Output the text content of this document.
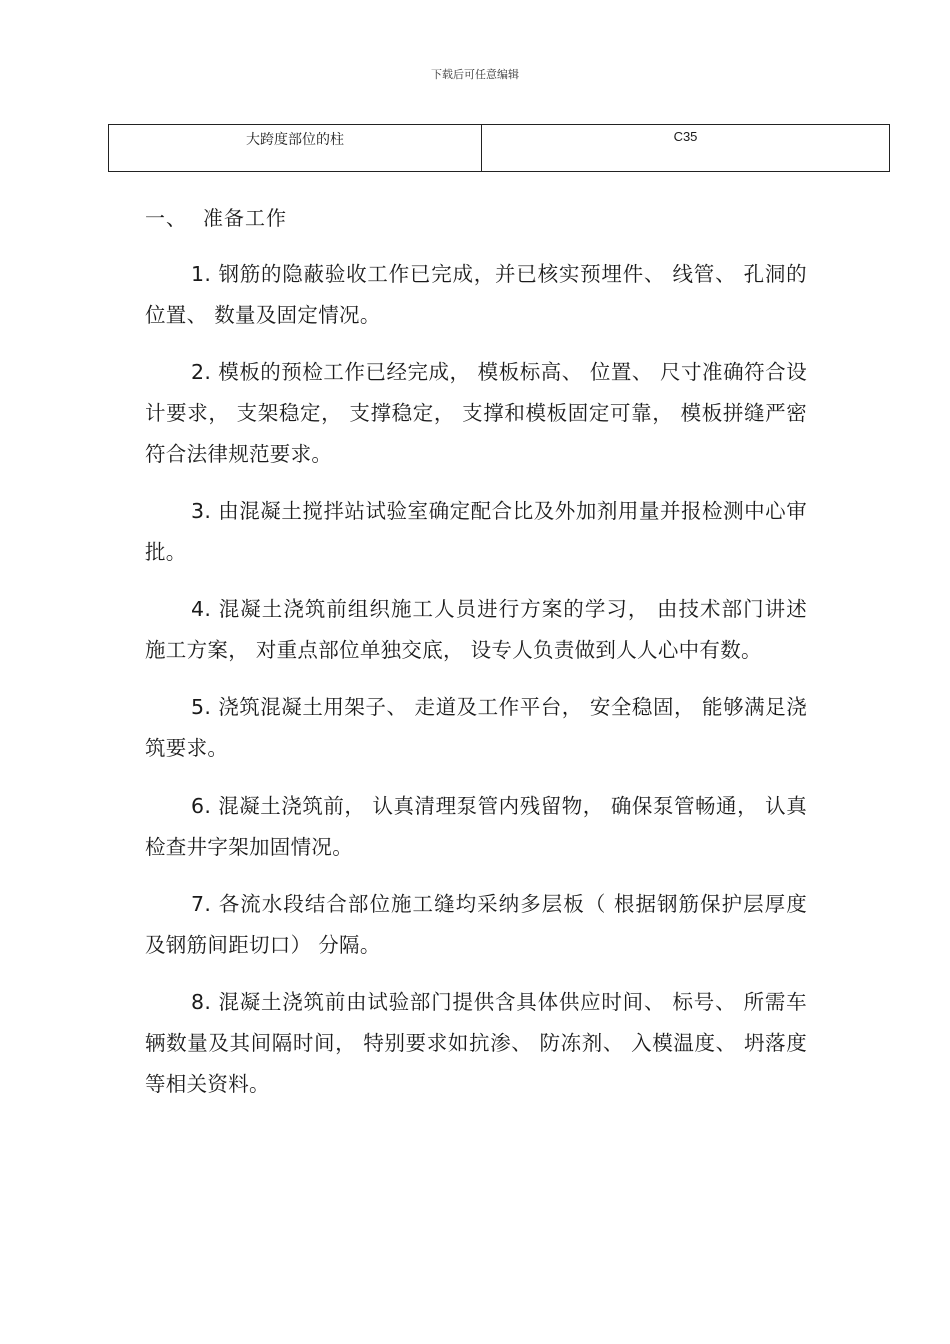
下载后可任意编辑
大跨度部位的柱	C35
一、 准备工作

1. 钢筋的隐蔽验收工作已完成，并已核实预埋件、 线管、 孔洞的位置、 数量及固定情况。

2. 模板的预检工作已经完成， 模板标高、 位置、 尺寸准确符合设计要求， 支架稳定， 支撑稳定， 支撑和模板固定可靠， 模板拼缝严密符合法律规范要求。

3. 由混凝土搅拌站试验室确定配合比及外加剂用量并报检测中心审批。

4. 混凝土浇筑前组织施工人员进行方案的学习， 由技术部门讲述施工方案， 对重点部位单独交底， 设专人负责做到人人心中有数。

5. 浇筑混凝土用架子、 走道及工作平台， 安全稳固， 能够满足浇筑要求。

6. 混凝土浇筑前， 认真清理泵管内残留物， 确保泵管畅通， 认真检查井字架加固情况。

7. 各流水段结合部位施工缝均采纳多层板（ 根据钢筋保护层厚度及钢筋间距切口） 分隔。

8. 混凝土浇筑前由试验部门提供含具体供应时间、 标号、 所需车辆数量及其间隔时间， 特别要求如抗渗、 防冻剂、 入模温度、 坍落度等相关资料。
